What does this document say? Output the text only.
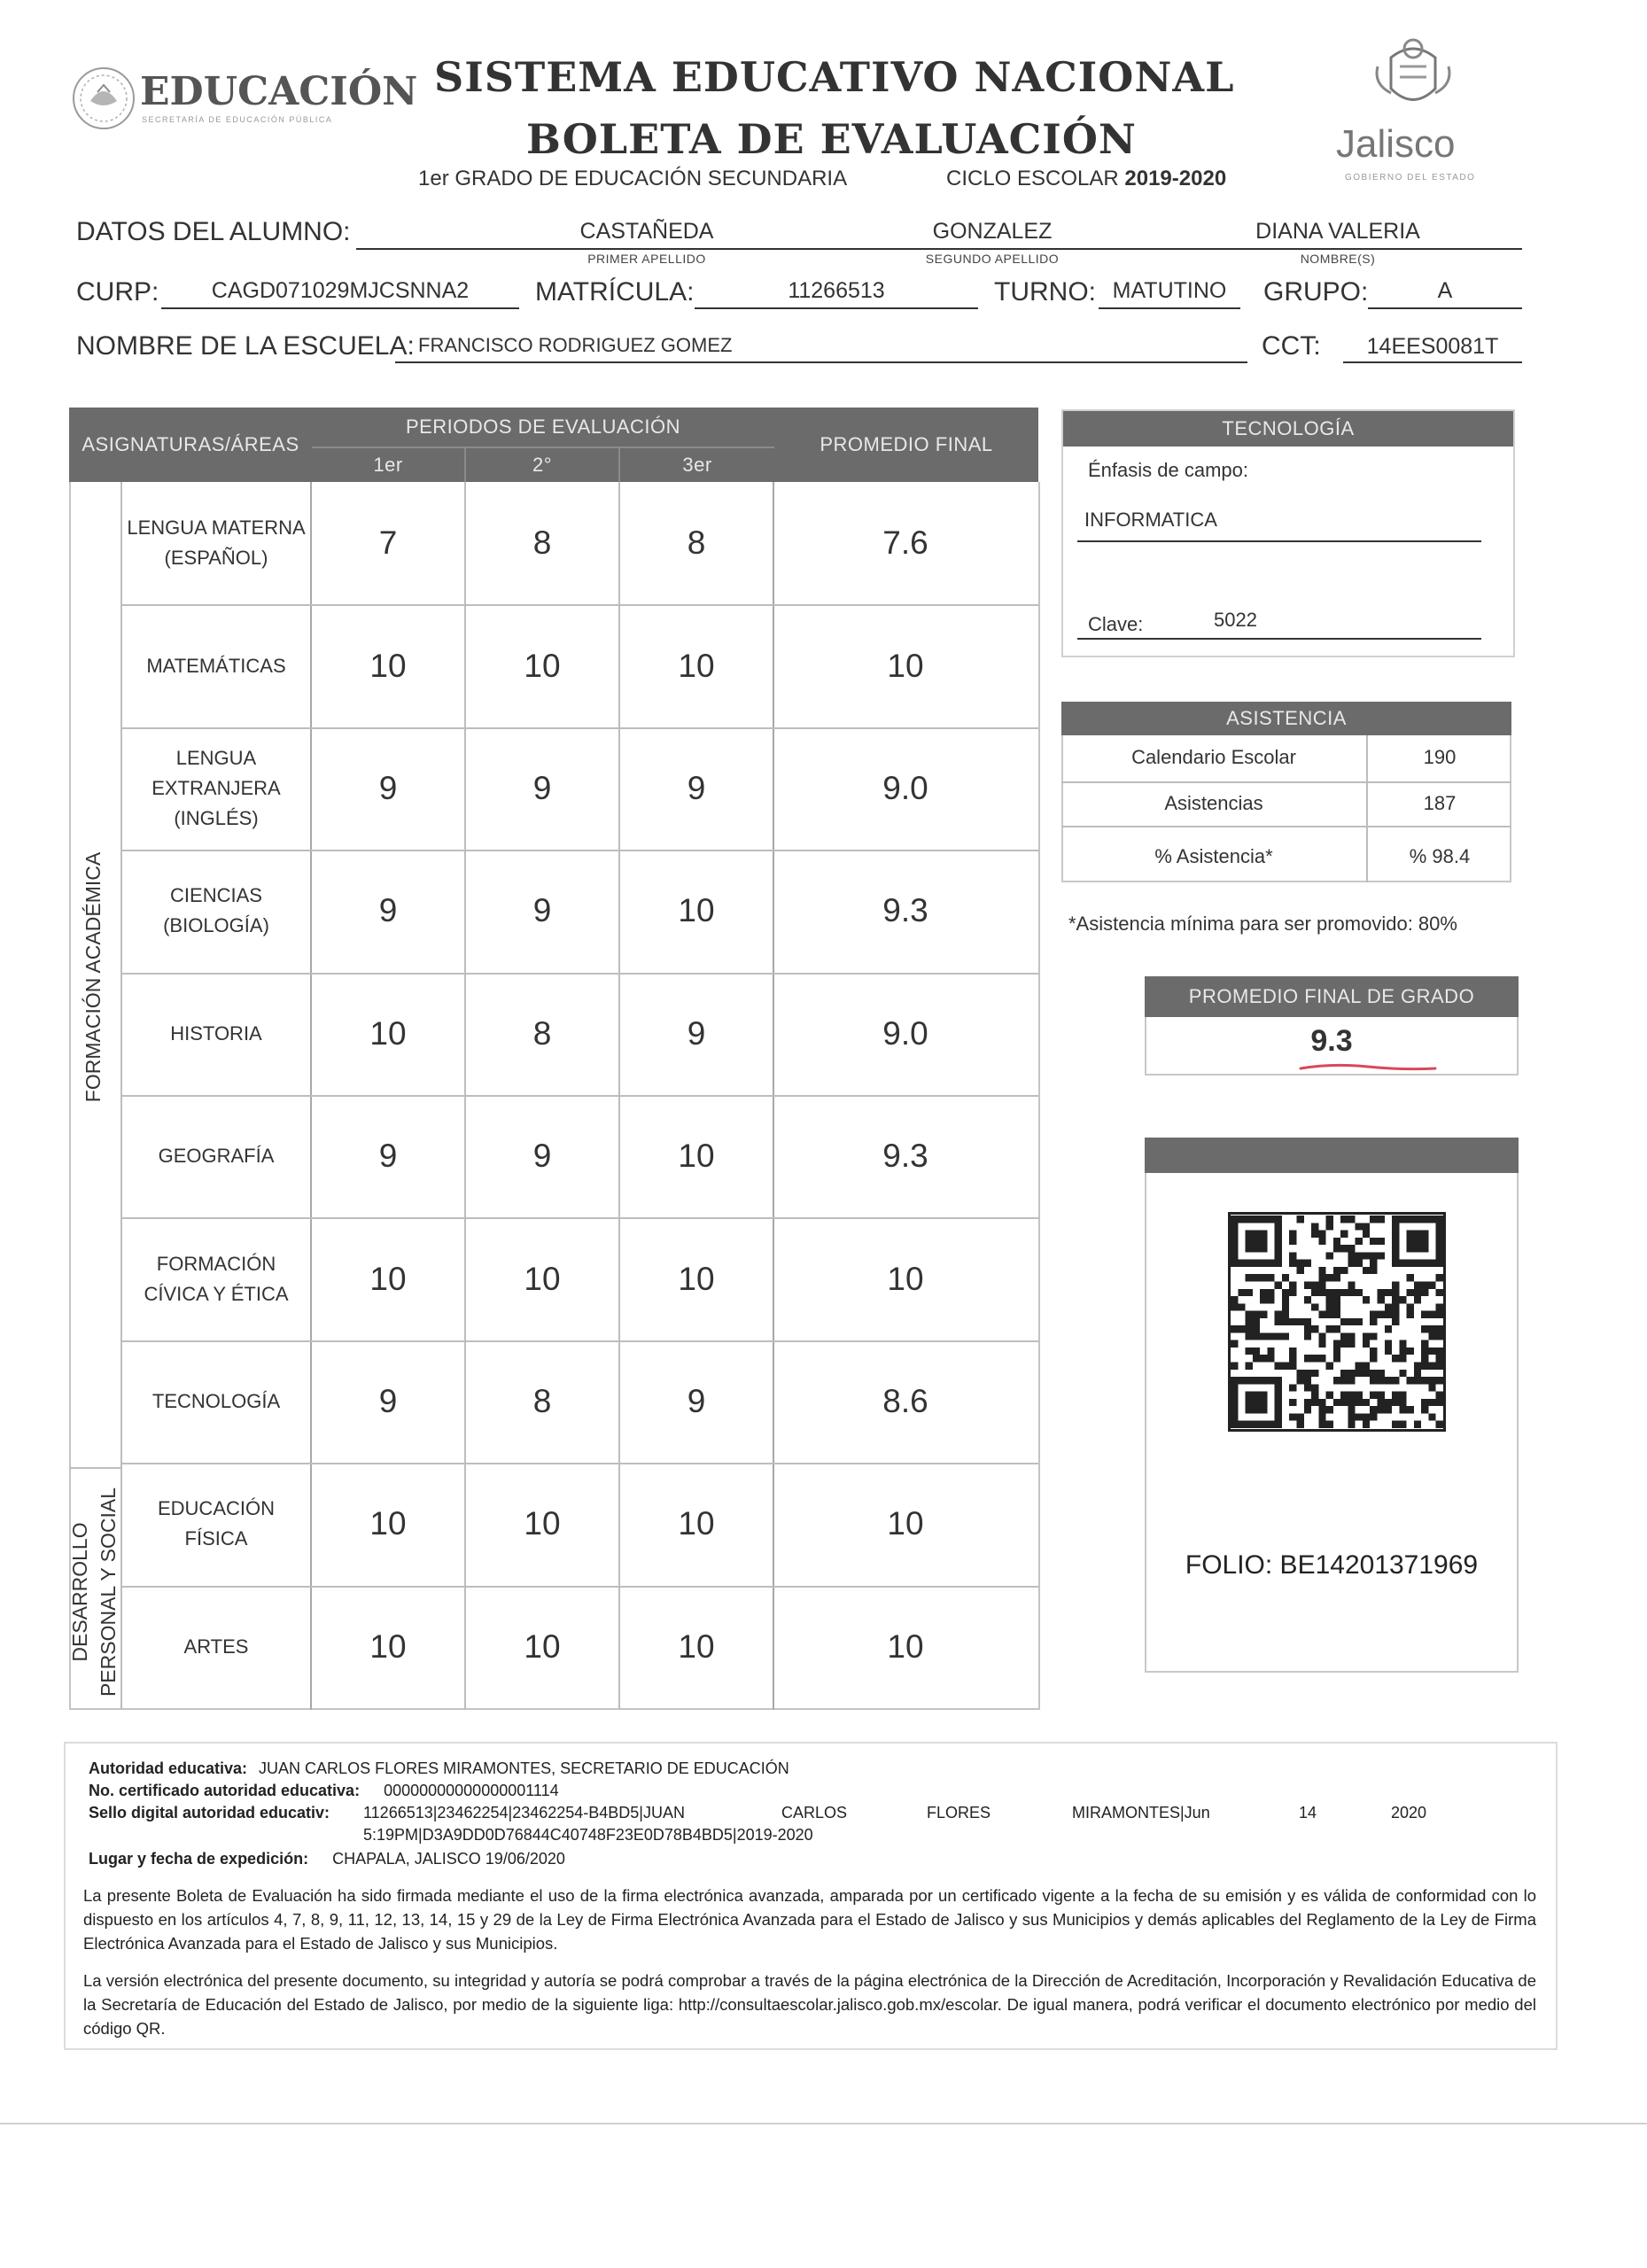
EDUCACIÓN
SECRETARÍA DE EDUCACIÓN PÚBLICA
SISTEMA EDUCATIVO NACIONAL
BOLETA DE EVALUACIÓN
1er GRADO DE EDUCACIÓN SECUNDARIA	CICLO ESCOLAR 2019-2020
Jalisco
GOBIERNO DEL ESTADO
DATOS DEL ALUMNO:	CASTAÑEDA
PRIMER APELLIDO
GONZALEZ
SEGUNDO APELLIDO
DIANA VALERIA
NOMBRE(S)
CURP:	CAGD071029MJCSNNA2	MATRÍCULA:	11266513	TURNO: MATUTINO	GRUPO:	A
NOMBRE DE LA ESCUELA: FRANCISCO RODRIGUEZ GOMEZ	CCT:	14EES0081T
ASIGNATURAS/ÁREAS
PERIODOS DE EVALUACIÓN
1er	2°	3er
PROMEDIO FINAL
FORMACIÓN ACADÉMICA
DESARROLLO PERSONAL Y SOCIAL
LENGUA MATERNA
(ESPAÑOL)	7	8	8	7.6
MATEMÁTICAS	10	10	10	10
LENGUA
EXTRANJERA
(INGLÉS)
9	9	9	9.0
CIENCIAS
(BIOLOGÍA)	9	9	10	9.3
HISTORIA	10	8	9	9.0
GEOGRAFÍA	9	9	10	9.3
FORMACIÓN
CÍVICA Y ÉTICA	10	10	10	10
TECNOLOGÍA	9	8	9	8.6
EDUCACIÓN
FÍSICA	10	10	10	10
ARTES	10	10	10	10
TECNOLOGÍA
Énfasis de campo:
INFORMATICA
Clave:	5022
ASISTENCIA
Calendario Escolar	190
Asistencias	187
% Asistencia*	% 98.4
*Asistencia mínima para ser promovido: 80%
PROMEDIO FINAL DE GRADO
9.3
FOLIO: BE14201371969
Autoridad educativa: JUAN CARLOS FLORES MIRAMONTES, SECRETARIO DE EDUCACIÓN
No. certificado autoridad educativa: 00000000000000001114
Sello digital autoridad educativ: 11266513|23462254|23462254-B4BD5|JUAN	CARLOS	FLORES	MIRAMONTES|Jun	14	2020
5:19PM|D3A9DD0D76844C40748F23E0D78B4BD5|2019-2020
Lugar y fecha de expedición: CHAPALA, JALISCO 19/06/2020
La presente Boleta de Evaluación ha sido firmada mediante el uso de la firma electrónica avanzada, amparada por un certificado vigente a la fecha de su emisión y es válida de conformidad con lo dispuesto en los artículos 4, 7, 8, 9, 11, 12, 13, 14, 15 y 29 de la Ley de Firma Electrónica Avanzada para el Estado de Jalisco y sus Municipios y demás aplicables del Reglamento de la Ley de Firma Electrónica Avanzada para el Estado de Jalisco y sus Municipios.
La versión electrónica del presente documento, su integridad y autoría se podrá comprobar a través de la página electrónica de la Dirección de Acreditación, Incorporación y Revalidación Educativa de la Secretaría de Educación del Estado de Jalisco, por medio de la siguiente liga: http://consultaescolar.jalisco.gob.mx/escolar. De igual manera, podrá verificar el documento electrónico por medio del código QR.
